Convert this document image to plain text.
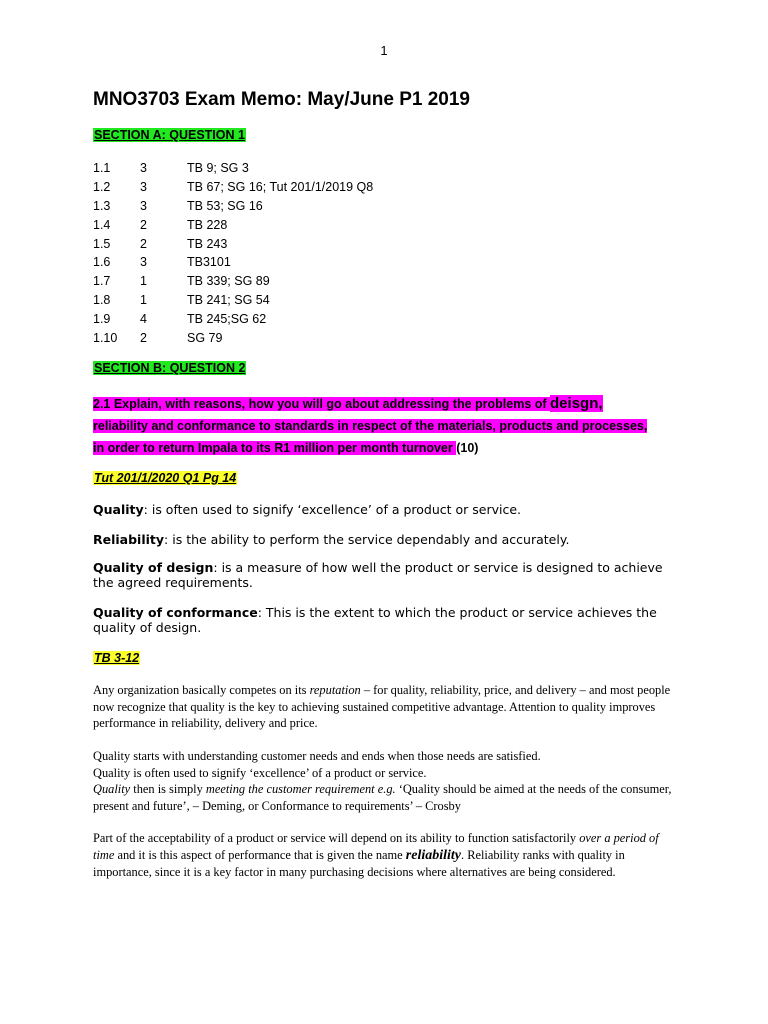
1
MNO3703 Exam Memo: May/June P1 2019

SECTION A: QUESTION 1

1.1	3	TB 9; SG 3
1.2	3	TB 67; SG 16; Tut 201/1/2019 Q8
1.3	3	TB 53; SG 16
1.4	2	TB 228
1.5	2	TB 243
1.6	3	TB3101
1.7	1	TB 339; SG 89
1.8	1	TB 241; SG 54
1.9	4	TB 245;SG 62
1.10	2	SG 79

SECTION B: QUESTION 2

2.1 Explain, with reasons, how you will go about addressing the problems of deisgn, reliability and conformance to standards in respect of the materials, products and processes, in order to return Impala to its R1 million per month turnover (10)

Tut 201/1/2020 Q1 Pg 14

Quality: is often used to signify ‘excellence’ of a product or service.

Reliability: is the ability to perform the service dependably and accurately.

Quality of design: is a measure of how well the product or service is designed to achieve the agreed requirements.

Quality of conformance: This is the extent to which the product or service achieves the quality of design.

TB 3-12

Any organization basically competes on its reputation – for quality, reliability, price, and delivery – and most people now recognize that quality is the key to achieving sustained competitive advantage. Attention to quality improves performance in reliability, delivery and price.

Quality starts with understanding customer needs and ends when those needs are satisfied.
Quality is often used to signify ‘excellence’ of a product or service.
Quality then is simply meeting the customer requirement e.g. ‘Quality should be aimed at the needs of the consumer, present and future’, – Deming, or Conformance to requirements’ – Crosby

Part of the acceptability of a product or service will depend on its ability to function satisfactorily over a period of time and it is this aspect of performance that is given the name reliability. Reliability ranks with quality in importance, since it is a key factor in many purchasing decisions where alternatives are being considered.
